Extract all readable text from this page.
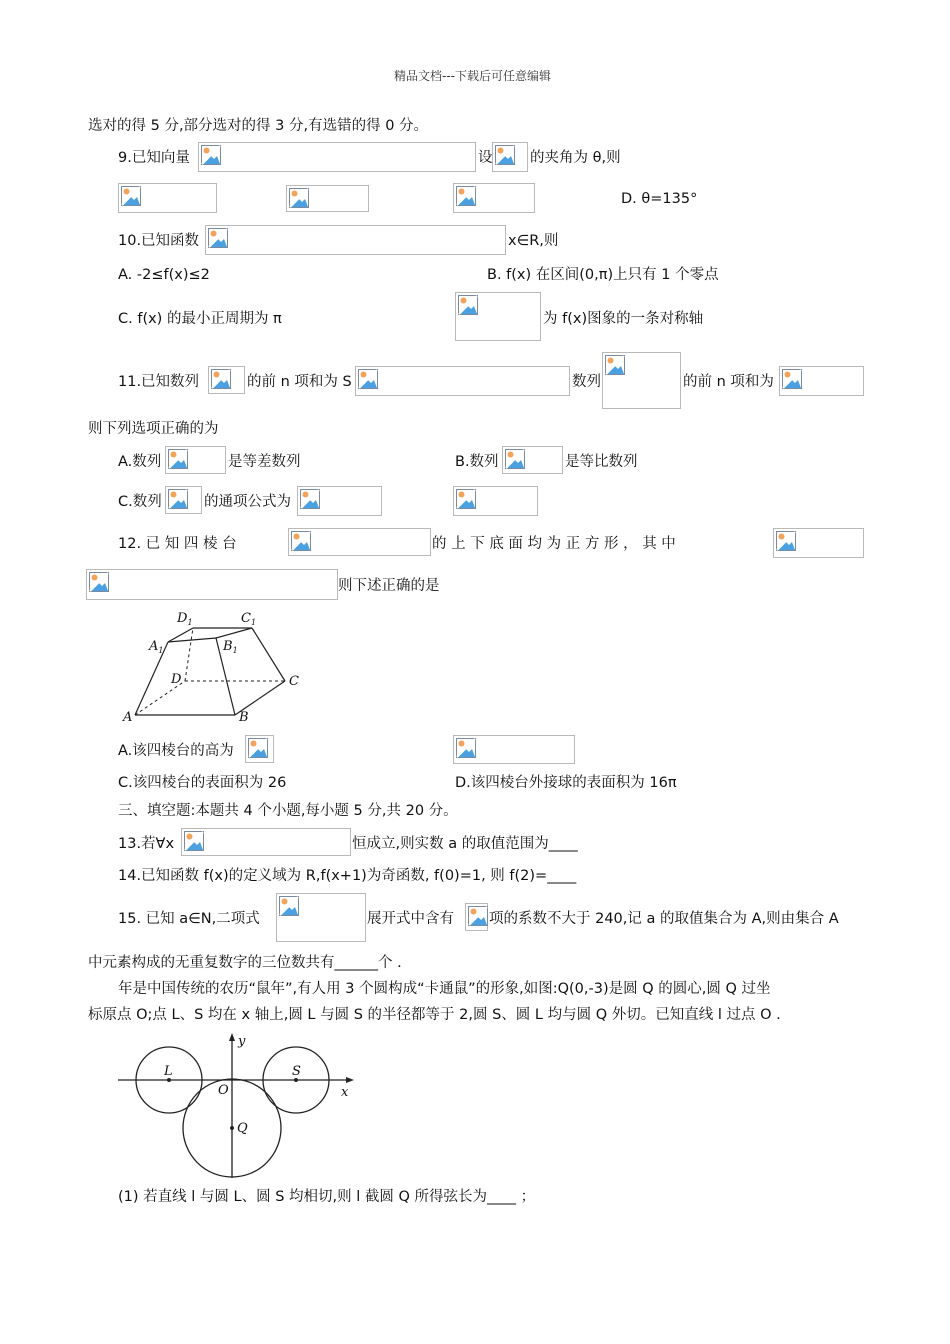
精品文档---下载后可任意编辑
选对的得 5 分,部分选对的得 3 分,有选错的得 0 分。
9.已知向量	设	的夹角为 θ,则
D. θ=135°
10.已知函数	x∈R,则
A. -2≤f(x)≤2	B. f(x) 在区间(0,π)上只有 1 个零点
C. f(x) 的最小正周期为 π	为 f(x)图象的一条对称轴
11.已知数列	的前 n 项和为 S	数列	的前 n 项和为
则下列选项正确的为
A.数列	是等差数列	B.数列	是等比数列
C.数列	的通项公式为
12. 已 知 四 棱 台	的 上 下 底 面 均 为 正 方 形 ， 其 中
则下述正确的是
$D_1$	$C_1$
$A_1$	$B_1$
D	C
A	B
A.该四棱台的高为
C.该四棱台的表面积为 26	D.该四棱台外接球的表面积为 16π
三、填空题:本题共 4 个小题,每小题 5 分,共 20 分。
13.若∀x	恒成立,则实数 a 的取值范围为____
14.已知函数 f(x)的定义域为 R,f(x+1)为奇函数, f(0)=1, 则 f(2)=____
15. 已知 a∈N,二项式	展开式中含有 项的系数不大于 240,记 a 的取值集合为 A,则由集合 A
中元素构成的无重复数字的三位数共有______个 .
年是中国传统的农历“鼠年”,有人用 3 个圆构成“卡通鼠”的形象,如图:Q(0,-3)是圆 Q 的圆心,圆 Q 过坐
标原点 O;点 L、S 均在 x 轴上,圆 L 与圆 S 的半径都等于 2,圆 S、圆 L 均与圆 Q 外切。已知直线 l 过点 O .
y
x
L	S
O
Q
(1) 若直线 l 与圆 L、圆 S 均相切,则 l 截圆 Q 所得弦长为____ ；
